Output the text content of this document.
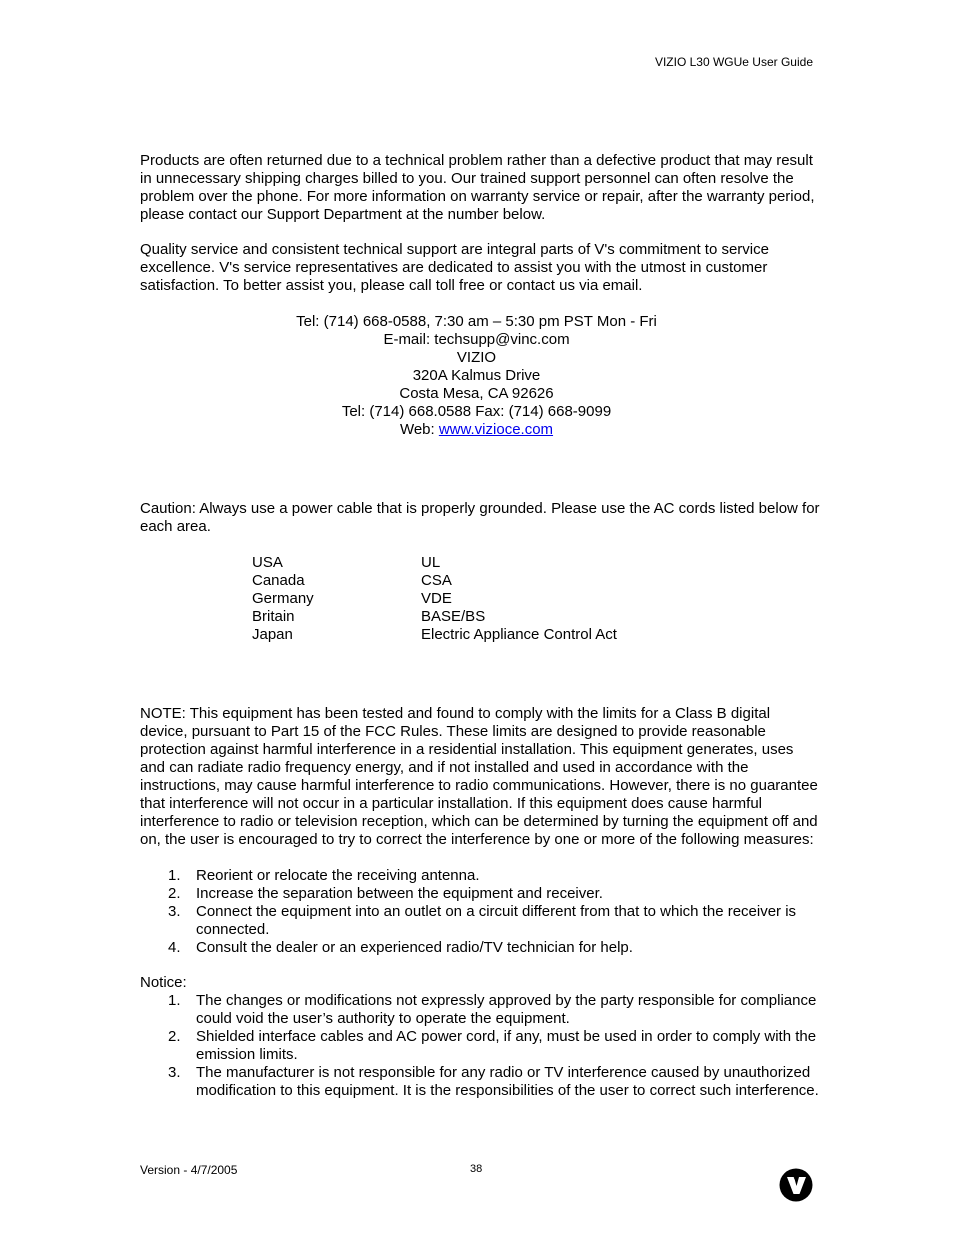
VIZIO L30 WGUe User Guide

Products are often returned due to a technical problem rather than a defective product that may result in unnecessary shipping charges billed to you. Our trained support personnel can often resolve the problem over the phone. For more information on warranty service or repair, after the warranty period, please contact our Support Department at the number below.

Quality service and consistent technical support are integral parts of V's commitment to service excellence. V's service representatives are dedicated to assist you with the utmost in customer satisfaction. To better assist you, please call toll free or contact us via email.

Tel: (714) 668-0588, 7:30 am – 5:30 pm PST Mon - Fri
E-mail: techsupp@vinc.com
VIZIO
320A Kalmus Drive
Costa Mesa, CA 92626
Tel: (714) 668.0588 Fax: (714) 668-9099
Web: www.vizioce.com

Caution: Always use a power cable that is properly grounded. Please use the AC cords listed below for each area.

USA	UL
Canada	CSA
Germany	VDE
Britain	BASE/BS
Japan	Electric Appliance Control Act

NOTE: This equipment has been tested and found to comply with the limits for a Class B digital device, pursuant to Part 15 of the FCC Rules. These limits are designed to provide reasonable protection against harmful interference in a residential installation. This equipment generates, uses and can radiate radio frequency energy, and if not installed and used in accordance with the instructions, may cause harmful interference to radio communications. However, there is no guarantee that interference will not occur in a particular installation. If this equipment does cause harmful interference to radio or television reception, which can be determined by turning the equipment off and on, the user is encouraged to try to correct the interference by one or more of the following measures:

1. Reorient or relocate the receiving antenna.
2. Increase the separation between the equipment and receiver.
3. Connect the equipment into an outlet on a circuit different from that to which the receiver is connected.
4. Consult the dealer or an experienced radio/TV technician for help.
Notice:
1. The changes or modifications not expressly approved by the party responsible for compliance could void the user’s authority to operate the equipment.
2. Shielded interface cables and AC power cord, if any, must be used in order to comply with the emission limits.
3. The manufacturer is not responsible for any radio or TV interference caused by unauthorized modification to this equipment. It is the responsibilities of the user to correct such interference.
Version - 4/7/2005	38
